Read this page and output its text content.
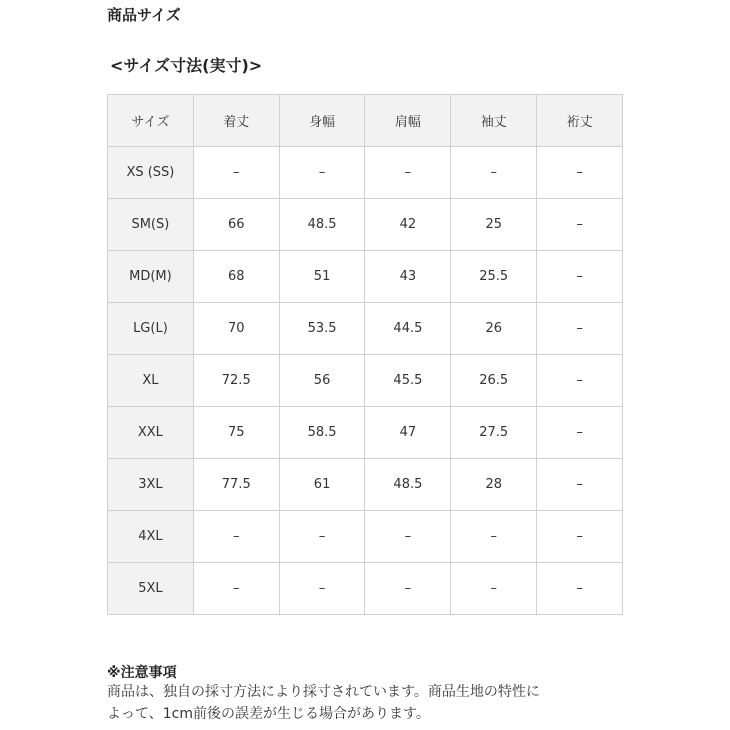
商品サイズ
<サイズ寸法(実寸)>
サイズ	着丈	身幅	肩幅	袖丈	裄丈
XS (SS)	–	–	–	–	–
SM(S)	66	48.5	42	25	–
MD(M)	68	51	43	25.5	–
LG(L)	70	53.5	44.5	26	–
XL	72.5	56	45.5	26.5	–
XXL	75	58.5	47	27.5	–
3XL	77.5	61	48.5	28	–
4XL	–	–	–	–	–
5XL	–	–	–	–	–
※注意事項
商品は、独自の採寸方法により採寸されています。商品生地の特性に
よって、1cm前後の誤差が生じる場合があります。
